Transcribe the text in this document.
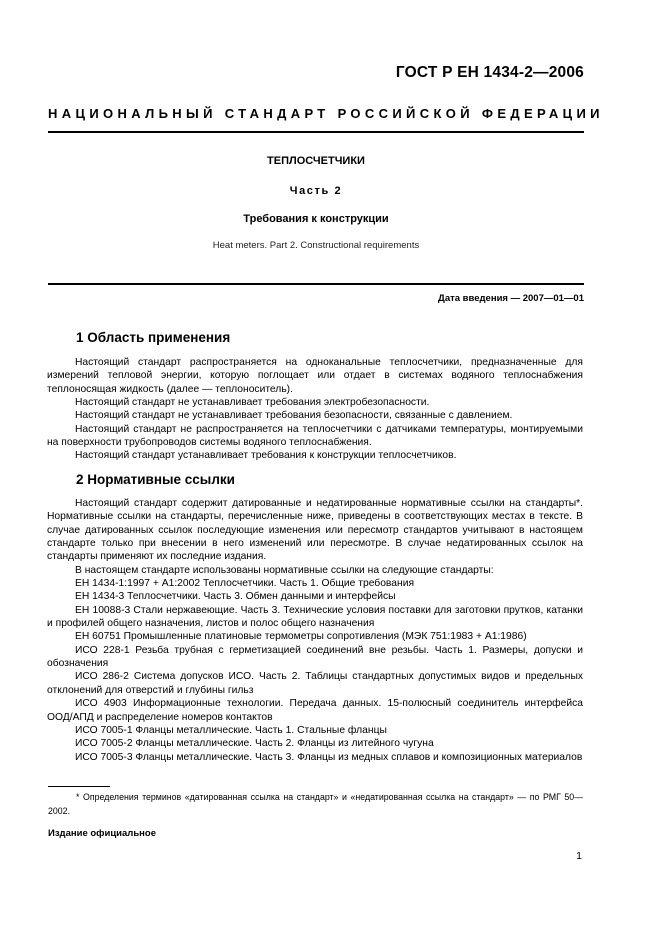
ГОСТ Р ЕН 1434-2—2006
НАЦИОНАЛЬНЫЙ СТАНДАРТ РОССИЙСКОЙ ФЕДЕРАЦИИ
ТЕПЛОСЧЕТЧИКИ
Часть 2
Требования к конструкции
Heat meters. Part 2. Constructional requirements
Дата введения — 2007—01—01
1 Область применения

Настоящий стандарт распространяется на одноканальные теплосчетчики, предназначенные для измерений тепловой энергии, которую поглощает или отдает в системах водяного теплоснабжения теплоносящая жидкость (далее — теплоноситель).

Настоящий стандарт не устанавливает требования электробезопасности.

Настоящий стандарт не устанавливает требования безопасности, связанные с давлением.

Настоящий стандарт не распространяется на теплосчетчики с датчиками температуры, монтируемыми на поверхности трубопроводов системы водяного теплоснабжения.

Настоящий стандарт устанавливает требования к конструкции теплосчетчиков.

2 Нормативные ссылки

Настоящий стандарт содержит датированные и недатированные нормативные ссылки на стандарты*. Нормативные ссылки на стандарты, перечисленные ниже, приведены в соответствующих местах в тексте. В случае датированных ссылок последующие изменения или пересмотр стандартов учитывают в настоящем стандарте только при внесении в него изменений или пересмотре. В случае недатированных ссылок на стандарты применяют их последние издания.

В настоящем стандарте использованы нормативные ссылки на следующие стандарты:

ЕН 1434-1:1997 + А1:2002 Теплосчетчики. Часть 1. Общие требования

ЕН 1434-3 Теплосчетчики. Часть 3. Обмен данными и интерфейсы

ЕН 10088-3 Стали нержавеющие. Часть 3. Технические условия поставки для заготовки прутков, катанки и профилей общего назначения, листов и полос общего назначения

ЕН 60751 Промышленные платиновые термометры сопротивления (МЭК 751:1983 + А1:1986)

ИСО 228-1 Резьба трубная с герметизацией соединений вне резьбы. Часть 1. Размеры, допуски и обозначения

ИСО 286-2 Система допусков ИСО. Часть 2. Таблицы стандартных допустимых видов и предельных отклонений для отверстий и глубины гильз

ИСО 4903 Информационные технологии. Передача данных. 15-полюсный соединитель интерфейса ООД/АПД и распределение номеров контактов

ИСО 7005-1 Фланцы металлические. Часть 1. Стальные фланцы

ИСО 7005-2 Фланцы металлические. Часть 2. Фланцы из литейного чугуна

ИСО 7005-3 Фланцы металлические. Часть 3. Фланцы из медных сплавов и композиционных материалов

* Определения терминов «датированная ссылка на стандарт» и «недатированная ссылка на стандарт» — по РМГ 50—2002.
Издание официальное
1
